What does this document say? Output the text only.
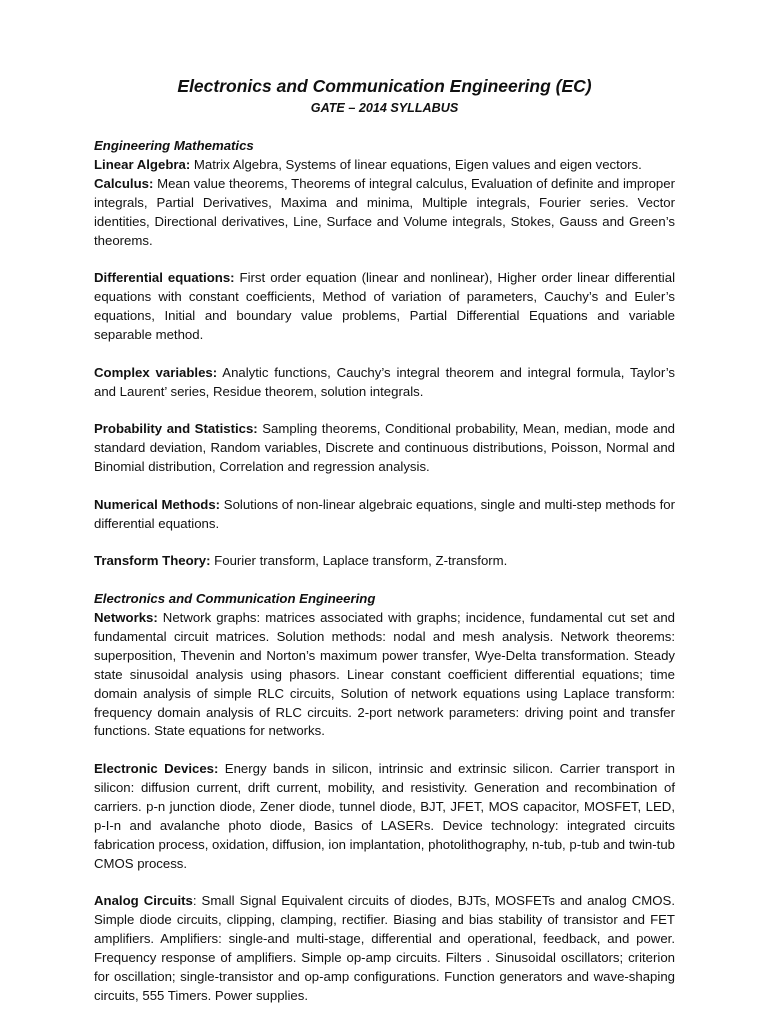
Electronics and Communication Engineering (EC)
GATE – 2014 SYLLABUS
Engineering Mathematics

Linear Algebra: Matrix Algebra, Systems of linear equations, Eigen values and eigen vectors.

Calculus: Mean value theorems, Theorems of integral calculus, Evaluation of definite and improper integrals, Partial Derivatives, Maxima and minima, Multiple integrals, Fourier series. Vector identities, Directional derivatives, Line, Surface and Volume integrals, Stokes, Gauss and Green’s theorems.

Differential equations: First order equation (linear and nonlinear), Higher order linear differential equations with constant coefficients, Method of variation of parameters, Cauchy’s and Euler’s equations, Initial and boundary value problems, Partial Differential Equations and variable separable method.

Complex variables: Analytic functions, Cauchy’s integral theorem and integral formula, Taylor’s and Laurent’ series, Residue theorem, solution integrals.

Probability and Statistics: Sampling theorems, Conditional probability, Mean, median, mode and standard deviation, Random variables, Discrete and continuous distributions, Poisson, Normal and Binomial distribution, Correlation and regression analysis.

Numerical Methods: Solutions of non-linear algebraic equations, single and multi-step methods for differential equations.

Transform Theory: Fourier transform, Laplace transform, Z-transform.

Electronics and Communication Engineering

Networks: Network graphs: matrices associated with graphs; incidence, fundamental cut set and fundamental circuit matrices. Solution methods: nodal and mesh analysis. Network theorems: superposition, Thevenin and Norton’s maximum power transfer, Wye-Delta transformation. Steady state sinusoidal analysis using phasors. Linear constant coefficient differential equations; time domain analysis of simple RLC circuits, Solution of network equations using Laplace transform: frequency domain analysis of RLC circuits. 2-port network parameters: driving point and transfer functions. State equations for networks.

Electronic Devices: Energy bands in silicon, intrinsic and extrinsic silicon. Carrier transport in silicon: diffusion current, drift current, mobility, and resistivity. Generation and recombination of carriers. p-n junction diode, Zener diode, tunnel diode, BJT, JFET, MOS capacitor, MOSFET, LED, p-I-n and avalanche photo diode, Basics of LASERs. Device technology: integrated circuits fabrication process, oxidation, diffusion, ion implantation, photolithography, n-tub, p-tub and twin-tub CMOS process.

Analog Circuits: Small Signal Equivalent circuits of diodes, BJTs, MOSFETs and analog CMOS. Simple diode circuits, clipping, clamping, rectifier. Biasing and bias stability of transistor and FET amplifiers. Amplifiers: single-and multi-stage, differential and operational, feedback, and power. Frequency response of amplifiers. Simple op-amp circuits. Filters . Sinusoidal oscillators; criterion for oscillation; single-transistor and op-amp configurations. Function generators and wave-shaping circuits, 555 Timers. Power supplies.
